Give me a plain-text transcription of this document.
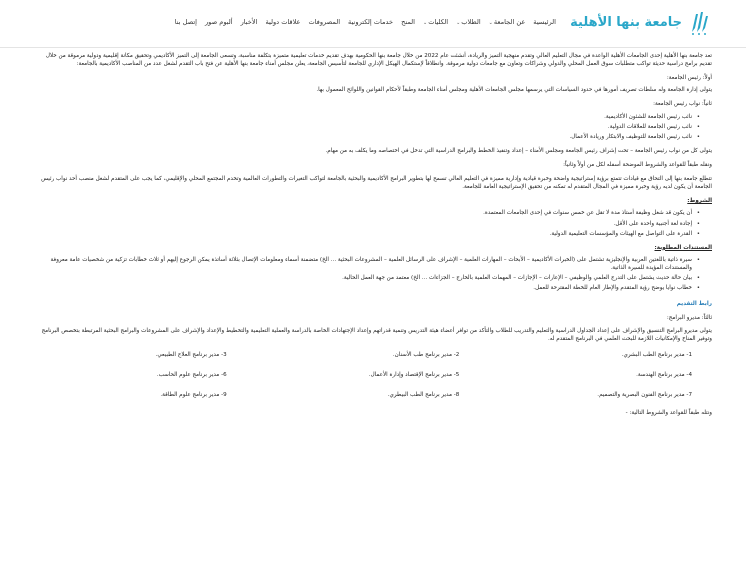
جامعة بنها الأهلية
الرئيسية
عن الجامعة⌄
الطلاب⌄
الكليات⌄
المنح
خدمات إلكترونية
المصروفات
علاقات دولية
الأخبار
ألبوم صور
إتصل بنا

تعد جامعة بنها الأهلية إحدى الجامعات الأهلية الواعدة في مجال التعليم العالي وتقدم منهجية التميز والريادة، أنشئت عام 2022 من خلال جامعة بنها الحكومية بهدف تقديم خدمات تعليمية متميزة بتكلفة مناسبة، وتسعى الجامعة إلى التميز الأكاديمي وتحقيق مكانة إقليمية ودولية مرموقة من خلال تقديم برامج دراسية حديثة تواكب متطلبات سوق العمل المحلي والدولي وشراكات وتعاون مع جامعات دولية مرموقة. وانطلاقاً لإستكمال الهيكل الإداري للجامعة لتأسيس الجامعة، يعلن مجلس أمناء جامعة بنها الأهلية عن فتح باب التقدم لشغل عدد من المناصب الأكاديمية بالجامعة:

أولاً: رئيس الجامعة:

يتولى إدارة الجامعة وله سلطات تصريف أمورها في حدود السياسات التي يرسمها مجلس الجامعات الأهلية ومجلس أمناء الجامعة وطبقاً لأحكام القوانين واللوائح المعمول بها.

ثانياً: نواب رئيس الجامعة:

• نائب رئيس الجامعة للشئون الأكاديمية.
• نائب رئيس الجامعة للعلاقات الدولية.
• نائب رئيس الجامعة للتوظيف والابتكار وريادة الأعمال.

يتولى كل من نواب رئيس الجامعة – تحت إشراف رئيس الجامعة ومجلس الأمناء – إعداد وتنفيذ الخطط والبرامج الدراسية التي تدخل في اختصاصه وما يكلف به من مهام.

ونقله طبقاً للقواعد والشروط الموضحة أسفله لكل من أولاً وثانياً:

تتطلع جامعة بنها إلى التحاق مع قيادات تتمتع برؤية إستراتيجية واضحة وخبرة قيادية وإدارية مميزة في التعليم العالي تسمح لها بتطوير البرامج الأكاديمية والبحثية بالجامعة لتواكب التغيرات والتطورات العالمية وتخدم المجتمع المحلي والإقليمي، كما يجب على المتقدم لشغل منصب أحد نواب رئيس الجامعة أن يكون لديه رؤية وخبرة مميزة في المجال المتقدم له تمكنه من تحقيق الإستراتيجية العامة للجامعة.

الشروط:

• أن يكون قد شغل وظيفة أستاذ مدة لا تقل عن خمس سنوات في إحدى الجامعات المعتمدة.
• إجادة لغة أجنبية واحدة على الأقل.
• القدرة على التواصل مع الهيئات والمؤسسات التعليمية الدولية.

المستندات المطلوبة:

• سيرة ذاتية باللغتين العربية والإنجليزية تشتمل على (الخبرات الأكاديمية – الأبحاث – المهارات العلمية – الإشراف على الرسائل العلمية – المشروعات البحثية ... الخ) متضمنة أسماء ومعلومات الإتصال بثلاثة أساتذة يمكن الرجوع إليهم أو ثلاث خطابات تزكية من شخصيات عامة معروفة والمستندات المؤيدة للسيرة الذاتية.
• بيان حالة حديث يشتمل على التدرج العلمي والوظيفي – الإعارات – الإجازات – المهمات العلمية بالخارج – الجزاءات ... الخ) معتمد من جهة العمل الحالية.
• خطاب نوايا يوضح رؤية المتقدم والإطار العام للخطة المقترحة للعمل.

رابط التقديم

ثالثاً: مديرو البرامج:

يتولى مديرو البرامج التنسيق والإشراف على إعداد الجداول الدراسية والتعليم والتدريب للطلاب والتأكد من توافر أعضاء هيئة التدريس وتنمية قدراتهم وإعداد الإجتهادات الخاصة بالدراسة والعملية التعليمية والتخطيط والإعداد والإشراف على المشروعات والبرامج البحثية المرتبطة بتخصص البرنامج وتوفير المناخ والإمكانيات اللازمة للبحث العلمي في البرنامج المتقدم له.

1- مدير برنامج الطب البشري.
2- مدير برنامج طب الأسنان.
3- مدير برنامج العلاج الطبيعي.
4- مدير برنامج الهندسة.
5- مدير برنامج الإقتصاد وإدارة الأعمال.
6- مدير برنامج علوم الحاسب.
7- مدير برنامج الفنون البصرية والتصميم.
8- مدير برنامج الطب البيطري.
9- مدير برنامج علوم الطاقة.

ونتله طبقاً للقواعد والشروط التالية: -
